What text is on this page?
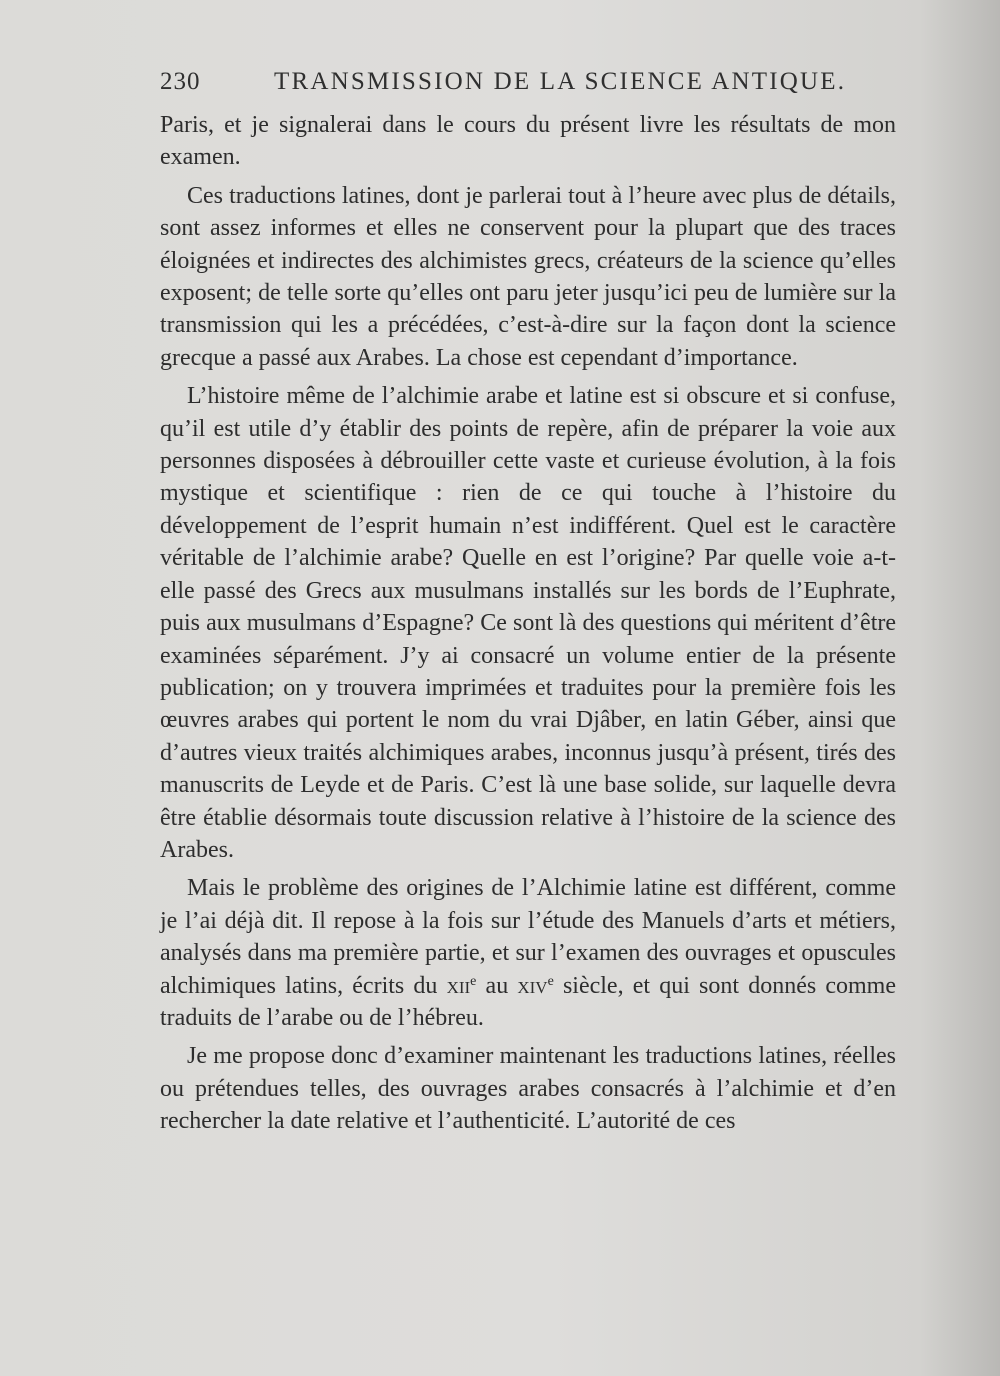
230	TRANSMISSION DE LA SCIENCE ANTIQUE.

Paris, et je signalerai dans le cours du présent livre les résultats de mon examen.

Ces traductions latines, dont je parlerai tout à l’heure avec plus de détails, sont assez informes et elles ne conservent pour la plupart que des traces éloignées et indirectes des alchimistes grecs, créateurs de la science qu’elles exposent; de telle sorte qu’elles ont paru jeter jusqu’ici peu de lumière sur la transmission qui les a précédées, c’est-à-dire sur la façon dont la science grecque a passé aux Arabes. La chose est cependant d’importance.

L’histoire même de l’alchimie arabe et latine est si obscure et si confuse, qu’il est utile d’y établir des points de repère, afin de préparer la voie aux personnes disposées à débrouiller cette vaste et curieuse évolution, à la fois mystique et scientifique : rien de ce qui touche à l’histoire du développement de l’esprit humain n’est indifférent. Quel est le caractère véritable de l’alchimie arabe? Quelle en est l’origine? Par quelle voie a-t-elle passé des Grecs aux musulmans installés sur les bords de l’Euphrate, puis aux musulmans d’Espagne? Ce sont là des questions qui méritent d’être examinées séparément. J’y ai consacré un volume entier de la présente publication; on y trouvera imprimées et traduites pour la première fois les œuvres arabes qui portent le nom du vrai Djâber, en latin Géber, ainsi que d’autres vieux traités alchimiques arabes, inconnus jusqu’à présent, tirés des manuscrits de Leyde et de Paris. C’est là une base solide, sur laquelle devra être établie désormais toute discussion relative à l’histoire de la science des Arabes.

Mais le problème des origines de l’Alchimie latine est différent, comme je l’ai déjà dit. Il repose à la fois sur l’étude des Manuels d’arts et métiers, analysés dans ma première partie, et sur l’examen des ouvrages et opuscules alchimiques latins, écrits du xii$^e$ au xiv$^e$ siècle, et qui sont donnés comme traduits de l’arabe ou de l’hébreu.

Je me propose donc d’examiner maintenant les traductions latines, réelles ou prétendues telles, des ouvrages arabes consacrés à l’alchimie et d’en rechercher la date relative et l’authenticité. L’autorité de ces
